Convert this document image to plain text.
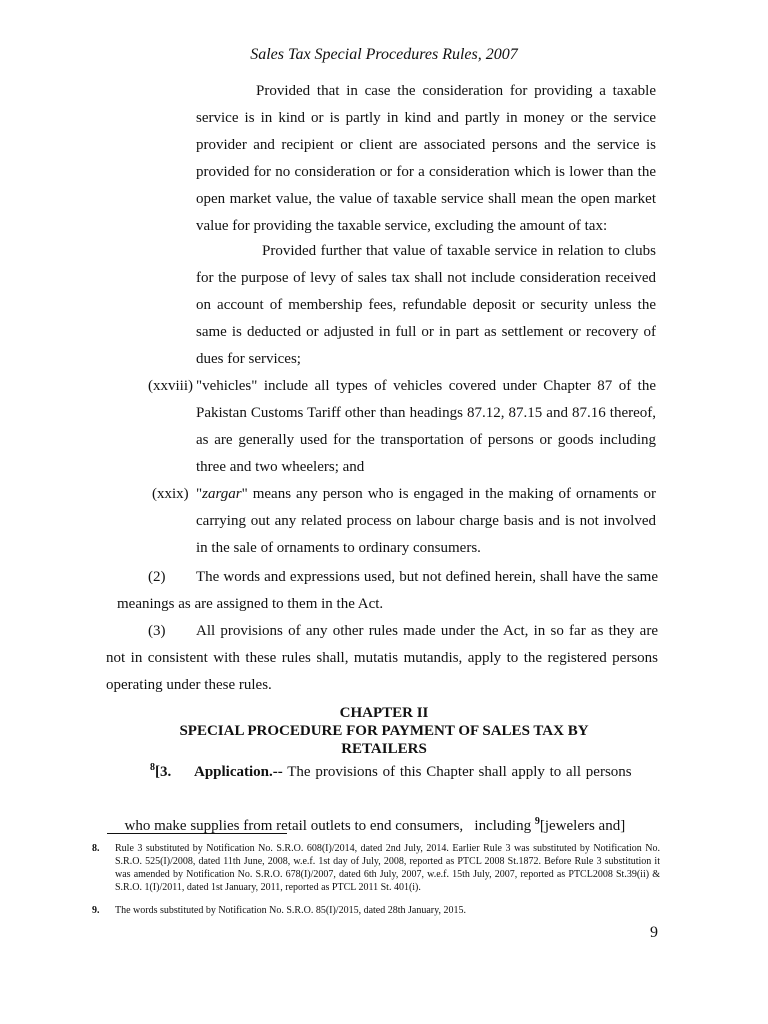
Sales Tax Special Procedures Rules, 2007
Provided that in case the consideration for providing a taxable service is in kind or is partly in kind and partly in money or the service provider and recipient or client are associated persons and the service is provided for no consideration or for a consideration which is lower than the open market value, the value of taxable service shall mean the open market value for providing the taxable service, excluding the amount of tax:
Provided further that value of taxable service in relation to clubs for the purpose of levy of sales tax shall not include consideration received on account of membership fees, refundable deposit or security unless the same is deducted or adjusted in full or in part as settlement or recovery of dues for services;
(xxviii) "vehicles" include all types of vehicles covered under Chapter 87 of the Pakistan Customs Tariff other than headings 87.12, 87.15 and 87.16 thereof, as are generally used for the transportation of persons or goods including three and two wheelers; and
(xxix) "zargar" means any person who is engaged in the making of ornaments or carrying out any related process on labour charge basis and is not involved in the sale of ornaments to ordinary consumers.
(2)	The words and expressions used, but not defined herein, shall have the same meanings as are assigned to them in the Act.
(3)	All provisions of any other rules made under the Act, in so far as they are not in consistent with these rules shall, mutatis mutandis, apply to the registered persons operating under these rules.
CHAPTER II
SPECIAL PROCEDURE FOR PAYMENT OF SALES TAX BY
RETAILERS
$^8$[3. Application.-- The provisions of this Chapter shall apply to all persons

who make supplies from retail outlets to end consumers,   including $^9$[jewelers and]

8. Rule 3 substituted by Notification No. S.R.O. 608(I)/2014, dated 2nd July, 2014. Earlier Rule 3 was substituted by Notification No. S.R.O. 525(I)/2008, dated 11th June, 2008, w.e.f. 1st day of July, 2008, reported as PTCL 2008 St.1872. Before Rule 3 substitution it was amended by Notification No. S.R.O. 678(I)/2007, dated 6th July, 2007, w.e.f. 15th July, 2007, reported as PTCL2008 St.39(ii) & S.R.O. 1(I)/2011, dated 1st January, 2011, reported as PTCL 2011 St. 401(i).
9. The words substituted by Notification No. S.R.O. 85(I)/2015, dated 28th January, 2015.
9
